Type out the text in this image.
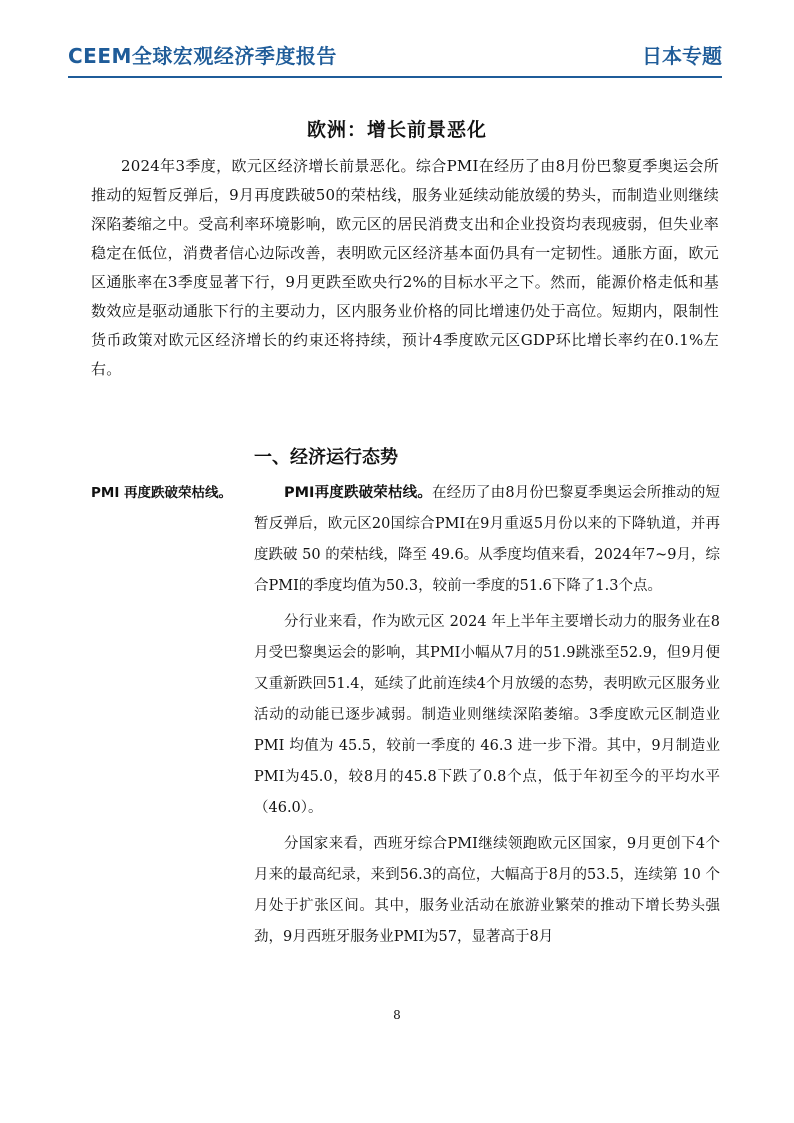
CEEM全球宏观经济季度报告	日本专题
欧洲：增长前景恶化

2024年3季度，欧元区经济增长前景恶化。综合PMI在经历了由8月份巴黎夏季奥运会所推动的短暂反弹后，9月再度跌破50的荣枯线，服务业延续动能放缓的势头，而制造业则继续深陷萎缩之中。受高利率环境影响，欧元区的居民消费支出和企业投资均表现疲弱，但失业率稳定在低位，消费者信心边际改善，表明欧元区经济基本面仍具有一定韧性。通胀方面，欧元区通胀率在3季度显著下行，9月更跌至欧央行2%的目标水平之下。然而，能源价格走低和基数效应是驱动通胀下行的主要动力，区内服务业价格的同比增速仍处于高位。短期内，限制性货币政策对欧元区经济增长的约束还将持续，预计4季度欧元区GDP环比增长率约在0.1%左右。

一、经济运行态势
PMI 再度跌破荣枯线。	PMI再度跌破荣枯线。在经历了由8月份巴黎夏季奥运会所推动的短暂反弹后，欧元区20国综合PMI在9月重返5月份以来的下降轨道，并再度跌破 50 的荣枯线，降至 49.6。从季度均值来看，2024年7~9月，综合PMI的季度均值为50.3，较前一季度的51.6下降了1.3个点。

分行业来看，作为欧元区 2024 年上半年主要增长动力的服务业在8月受巴黎奥运会的影响，其PMI小幅从7月的51.9跳涨至52.9，但9月便又重新跌回51.4，延续了此前连续4个月放缓的态势，表明欧元区服务业活动的动能已逐步减弱。制造业则继续深陷萎缩。3季度欧元区制造业 PMI 均值为 45.5，较前一季度的 46.3 进一步下滑。其中，9月制造业PMI为45.0，较8月的45.8下跌了0.8个点，低于年初至今的平均水平（46.0）。

分国家来看，西班牙综合PMI继续领跑欧元区国家，9月更创下4个月来的最高纪录，来到56.3的高位，大幅高于8月的53.5，连续第 10 个月处于扩张区间。其中，服务业活动在旅游业繁荣的推动下增长势头强劲，9月西班牙服务业PMI为57，显著高于8月

8
